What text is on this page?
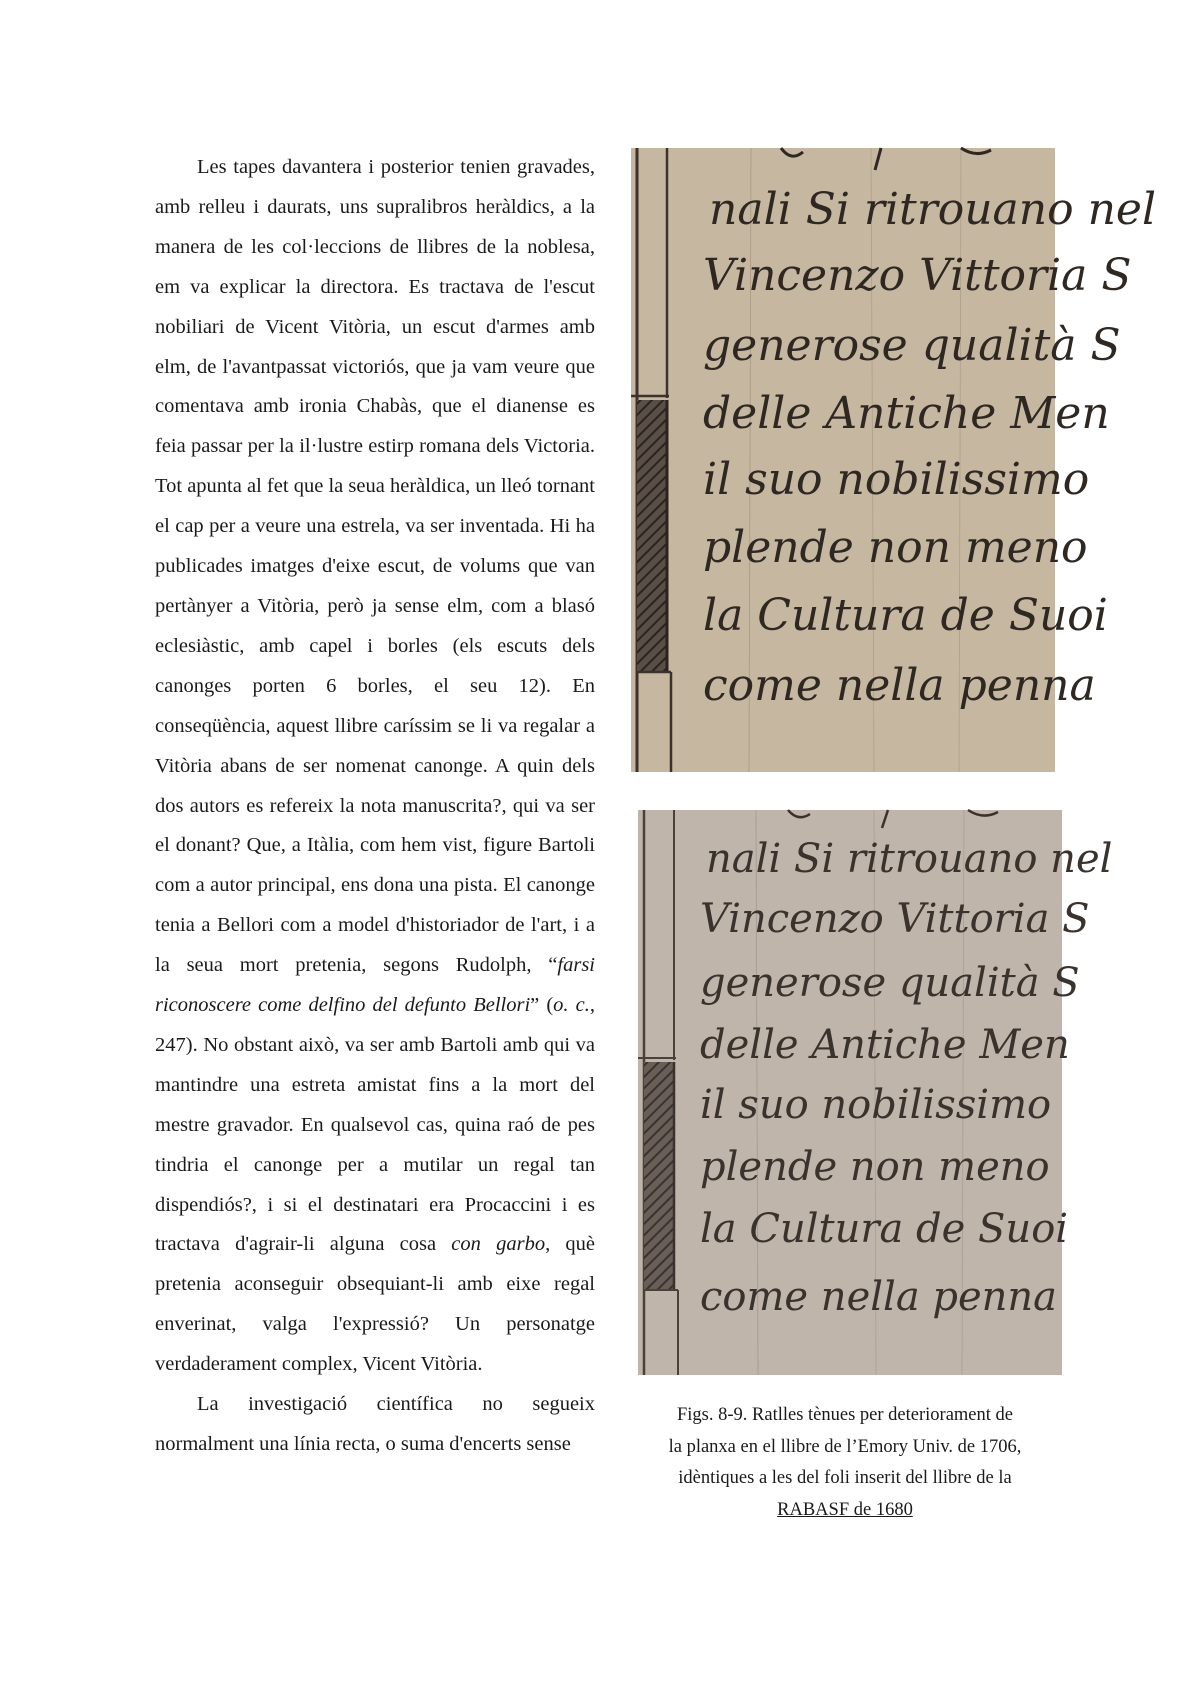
Les tapes davantera i posterior tenien gravades, amb relleu i daurats, uns supralibros heràldics, a la manera de les col·leccions de llibres de la noblesa, em va explicar la directora. Es tractava de l'escut nobiliari de Vicent Vitòria, un escut d'armes amb elm, de l'avantpassat victoriós, que ja vam veure que comentava amb ironia Chabàs, que el dianense es feia passar per la il·lustre estirp romana dels Victoria. Tot apunta al fet que la seua heràldica, un lleó tornant el cap per a veure una estrela, va ser inventada. Hi ha publicades imatges d'eixe escut, de volums que van pertànyer a Vitòria, però ja sense elm, com a blasó eclesiàstic, amb capel i borles (els escuts dels canonges porten 6 borles, el seu 12). En conseqüència, aquest llibre caríssim se li va regalar a Vitòria abans de ser nomenat canonge. A quin dels dos autors es refereix la nota manuscrita?, qui va ser el donant? Que, a Itàlia, com hem vist, figure Bartoli com a autor principal, ens dona una pista. El canonge tenia a Bellori com a model d'historiador de l'art, i a la seua mort pretenia, segons Rudolph, “farsi riconoscere come delfino del defunto Bellori” (o. c., 247). No obstant això, va ser amb Bartoli amb qui va mantindre una estreta amistat fins a la mort del mestre gravador. En qualsevol cas, quina raó de pes tindria el canonge per a mutilar un regal tan dispendiós?, i si el destinatari era Procaccini i es tractava d'agrair-li alguna cosa con garbo, què pretenia aconseguir obsequiant-li amb eixe regal enverinat, valga l'expressió? Un personatge verdaderament complex, Vicent Vitòria.

La investigació científica no segueix normalment una línia recta, o suma d'encerts sense

nali Si ritrouano nel
Vincenzo Vittoria S
generose qualità S
delle Antiche Men
il suo nobilissimo
plende non meno
la Cultura de Suoi
come nella penna
nali Si ritrouano nel
Vincenzo Vittoria S
generose qualità S
delle Antiche Men
il suo nobilissimo
plende non meno
la Cultura de Suoi
come nella penna
Figs. 8-9. Ratlles tènues per deteriorament de
la planxa en el llibre de l’Emory Univ. de 1706,
idèntiques a les del foli inserit del llibre de la
RABASF de 1680
